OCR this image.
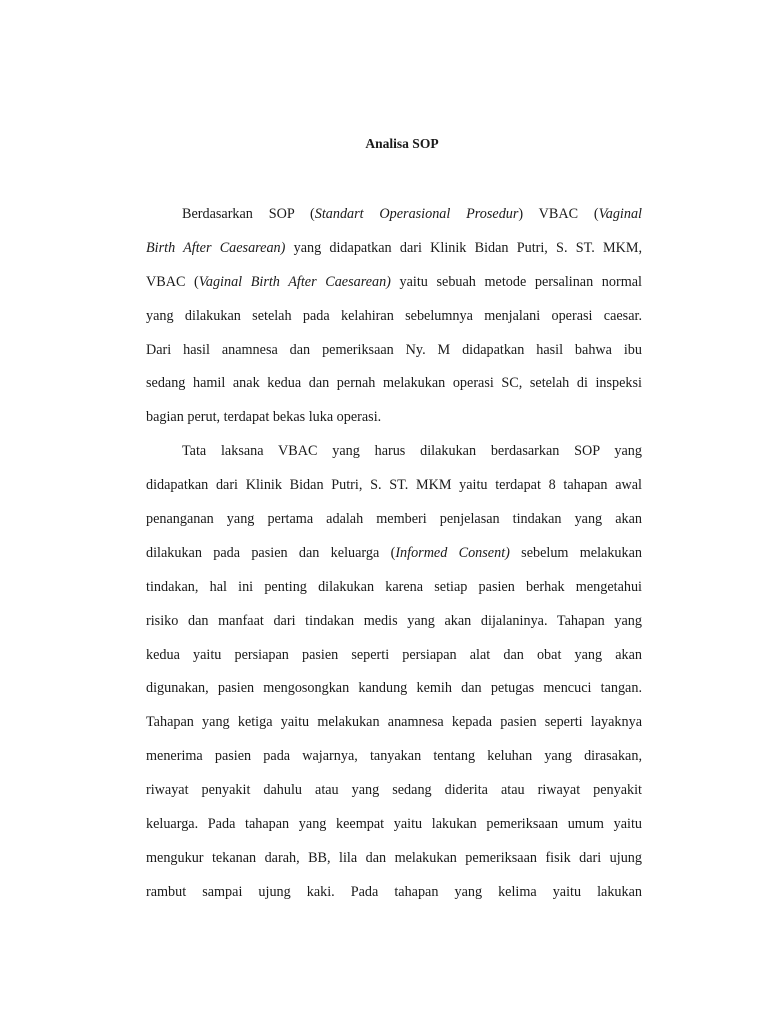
Analisa SOP
Berdasarkan SOP (Standart Operasional Prosedur) VBAC (Vaginal
Birth After Caesarean) yang didapatkan dari Klinik Bidan Putri, S. ST. MKM,
VBAC (Vaginal Birth After Caesarean) yaitu sebuah metode persalinan normal
yang dilakukan setelah pada kelahiran sebelumnya menjalani operasi caesar.
Dari hasil anamnesa dan pemeriksaan Ny. M didapatkan hasil bahwa ibu
sedang hamil anak kedua dan pernah melakukan operasi SC, setelah di inspeksi
bagian perut, terdapat bekas luka operasi.
Tata laksana VBAC yang harus dilakukan berdasarkan SOP yang
didapatkan dari Klinik Bidan Putri, S. ST. MKM yaitu terdapat 8 tahapan awal
penanganan yang pertama adalah memberi penjelasan tindakan yang akan
dilakukan pada pasien dan keluarga (Informed Consent) sebelum melakukan
tindakan, hal ini penting dilakukan karena setiap pasien berhak mengetahui
risiko dan manfaat dari tindakan medis yang akan dijalaninya. Tahapan yang
kedua yaitu persiapan pasien seperti persiapan alat dan obat yang akan
digunakan, pasien mengosongkan kandung kemih dan petugas mencuci tangan.
Tahapan yang ketiga yaitu melakukan anamnesa kepada pasien seperti layaknya
menerima pasien pada wajarnya, tanyakan tentang keluhan yang dirasakan,
riwayat penyakit dahulu atau yang sedang diderita atau riwayat penyakit
keluarga. Pada tahapan yang keempat yaitu lakukan pemeriksaan umum yaitu
mengukur tekanan darah, BB, lila dan melakukan pemeriksaan fisik dari ujung
rambut sampai ujung kaki. Pada tahapan yang kelima yaitu lakukan
